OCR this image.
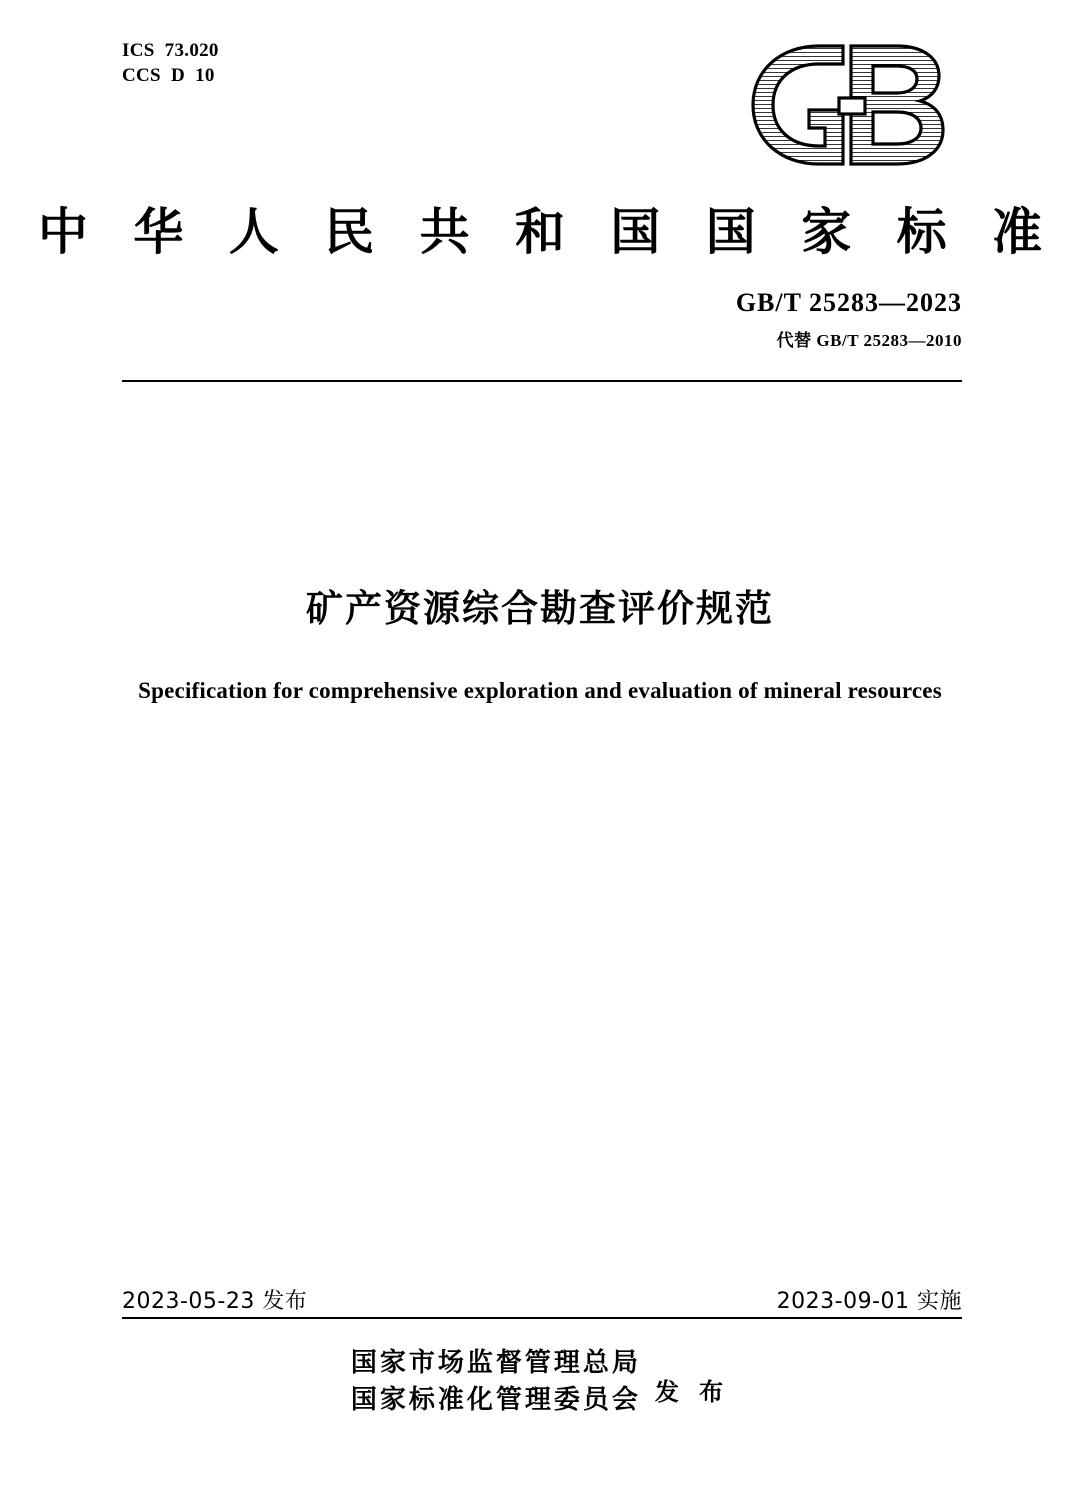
ICS  73.020
CCS  D  10
中 华 人 民 共 和 国 国 家 标 准
GB/T 25283—2023
代替 GB/T 25283—2010
矿产资源综合勘查评价规范
Specification for comprehensive exploration and evaluation of mineral resources
2023-05-23 发布	2023-09-01 实施
国家市场监督管理总局
国家标准化管理委员会 发 布
